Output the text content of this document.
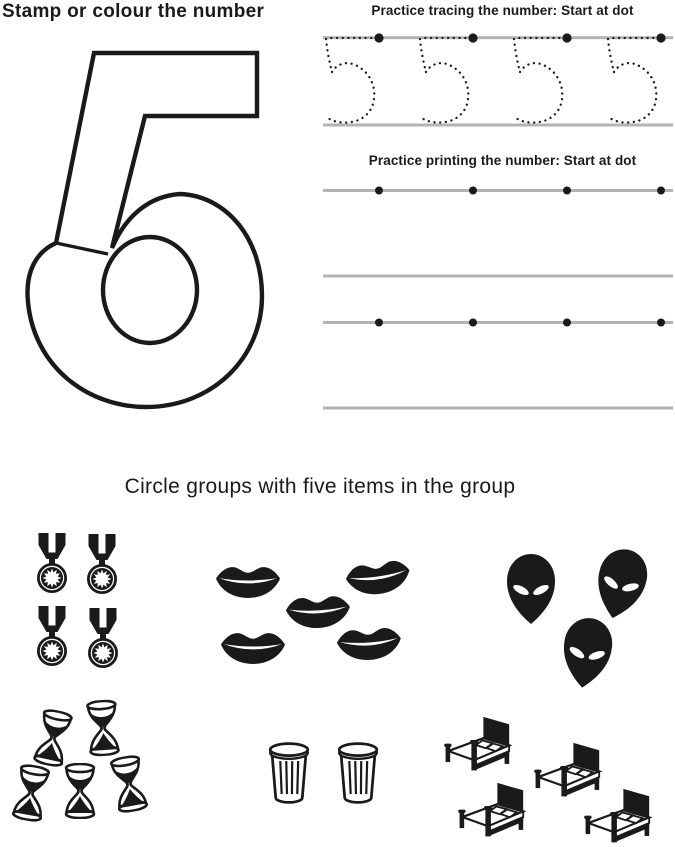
Stamp or colour the number	Practice tracing the number: Start at dot
Practice printing the number: Start at dot
Circle groups with five items in the group
